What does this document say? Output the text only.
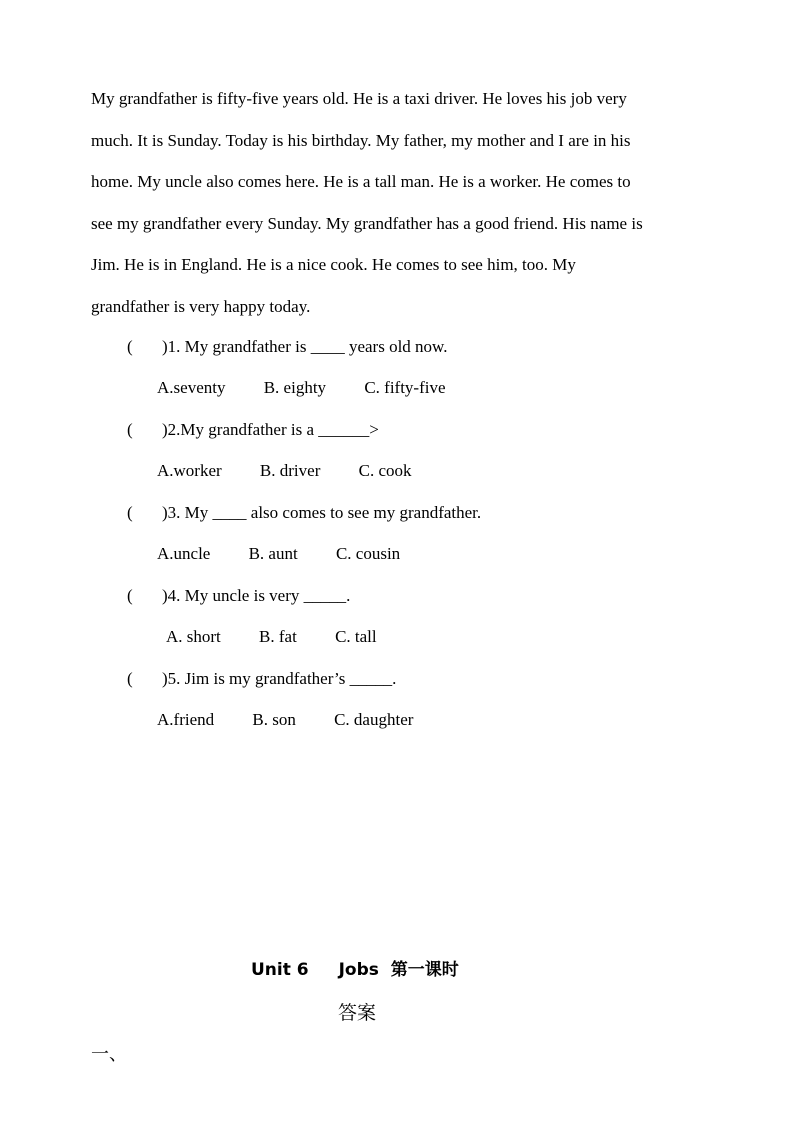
My grandfather is fifty-five years old. He is a taxi driver. He loves his job very
much. It is Sunday. Today is his birthday. My father, my mother and I are in his
home. My uncle also comes here. He is a tall man. He is a worker. He comes to
see my grandfather every Sunday. My grandfather has a good friend. His name is
Jim. He is in England. He is a nice cook. He comes to see him, too. My
grandfather is very happy today.
( )1. My grandfather is ____ years old now.
A.seventy B. eighty C. fifty-five
( )2.My grandfather is a ______>
A.worker B. driver C. cook
( )3. My ____ also comes to see my grandfather.
A.uncle B. aunt C. cousin
( )4. My uncle is very _____.
A. short B. fat C. tall
( )5. Jim is my grandfather’s _____.
A.friend B. son C. daughter
Unit 6 Jobs 第一课时
答案
一、
